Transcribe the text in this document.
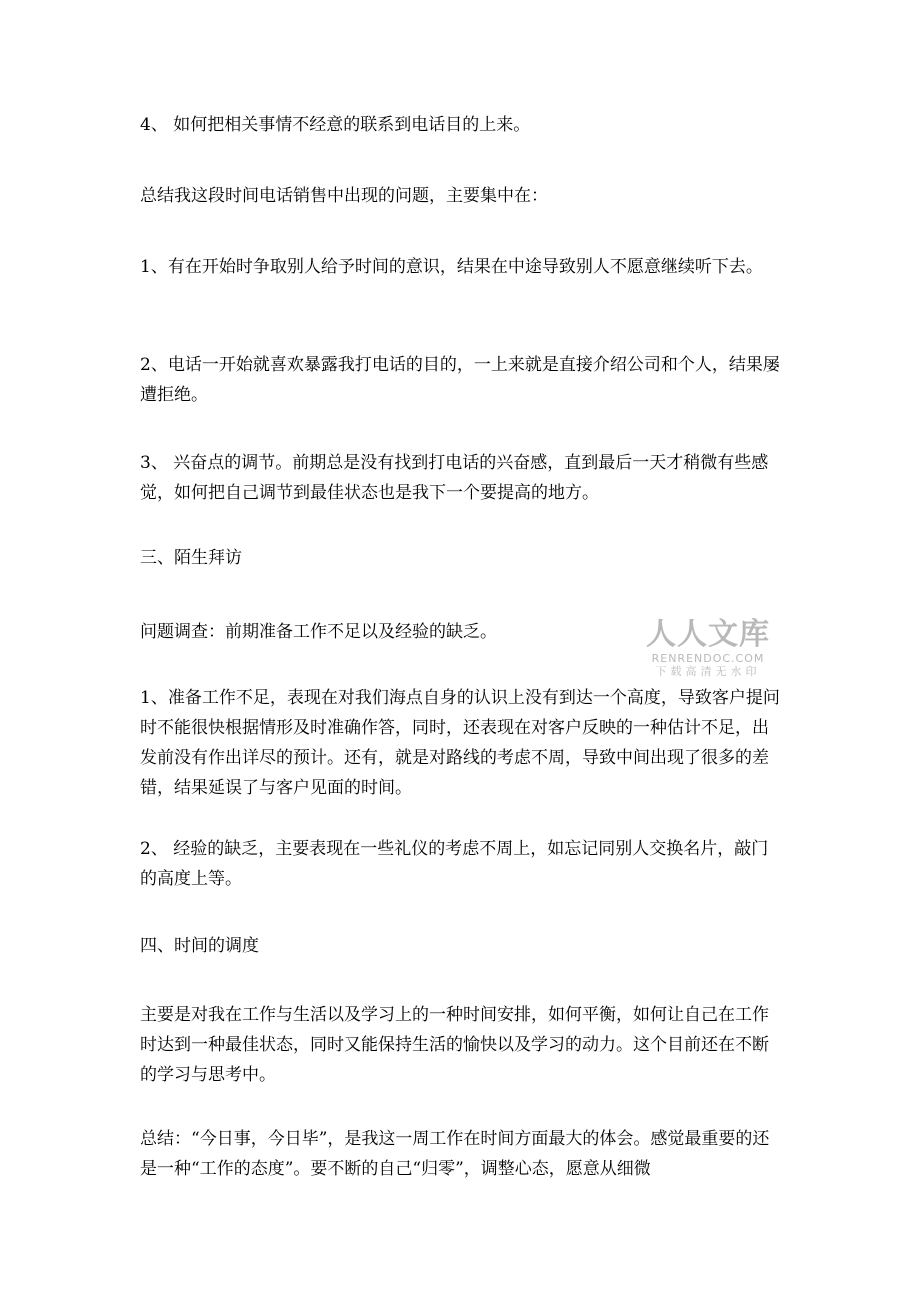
4、 如何把相关事情不经意的联系到电话目的上来。

总结我这段时间电话销售中出现的问题，主要集中在：

1、有在开始时争取别人给予时间的意识，结果在中途导致别人不愿意继续听下去。

2、电话一开始就喜欢暴露我打电话的目的，一上来就是直接介绍公司和个人，结果屡遭拒绝。

3、 兴奋点的调节。前期总是没有找到打电话的兴奋感，直到最后一天才稍微有些感觉，如何把自己调节到最佳状态也是我下一个要提高的地方。

三、陌生拜访

问题调查：前期准备工作不足以及经验的缺乏。

1、准备工作不足，表现在对我们海点自身的认识上没有到达一个高度，导致客户提问时不能很快根据情形及时准确作答，同时，还表现在对客户反映的一种估计不足，出发前没有作出详尽的预计。还有，就是对路线的考虑不周，导致中间出现了很多的差错，结果延误了与客户见面的时间。

2、 经验的缺乏，主要表现在一些礼仪的考虑不周上，如忘记同别人交换名片，敲门的高度上等。

四、时间的调度

主要是对我在工作与生活以及学习上的一种时间安排，如何平衡，如何让自己在工作时达到一种最佳状态，同时又能保持生活的愉快以及学习的动力。这个目前还在不断的学习与思考中。

总结：“今日事，今日毕”，是我这一周工作在时间方面最大的体会。感觉最重要的还是一种“工作的态度”。要不断的自己“归零”，调整心态，愿意从细微

人人文库
RENRENDOC.COM
下载高清无水印
